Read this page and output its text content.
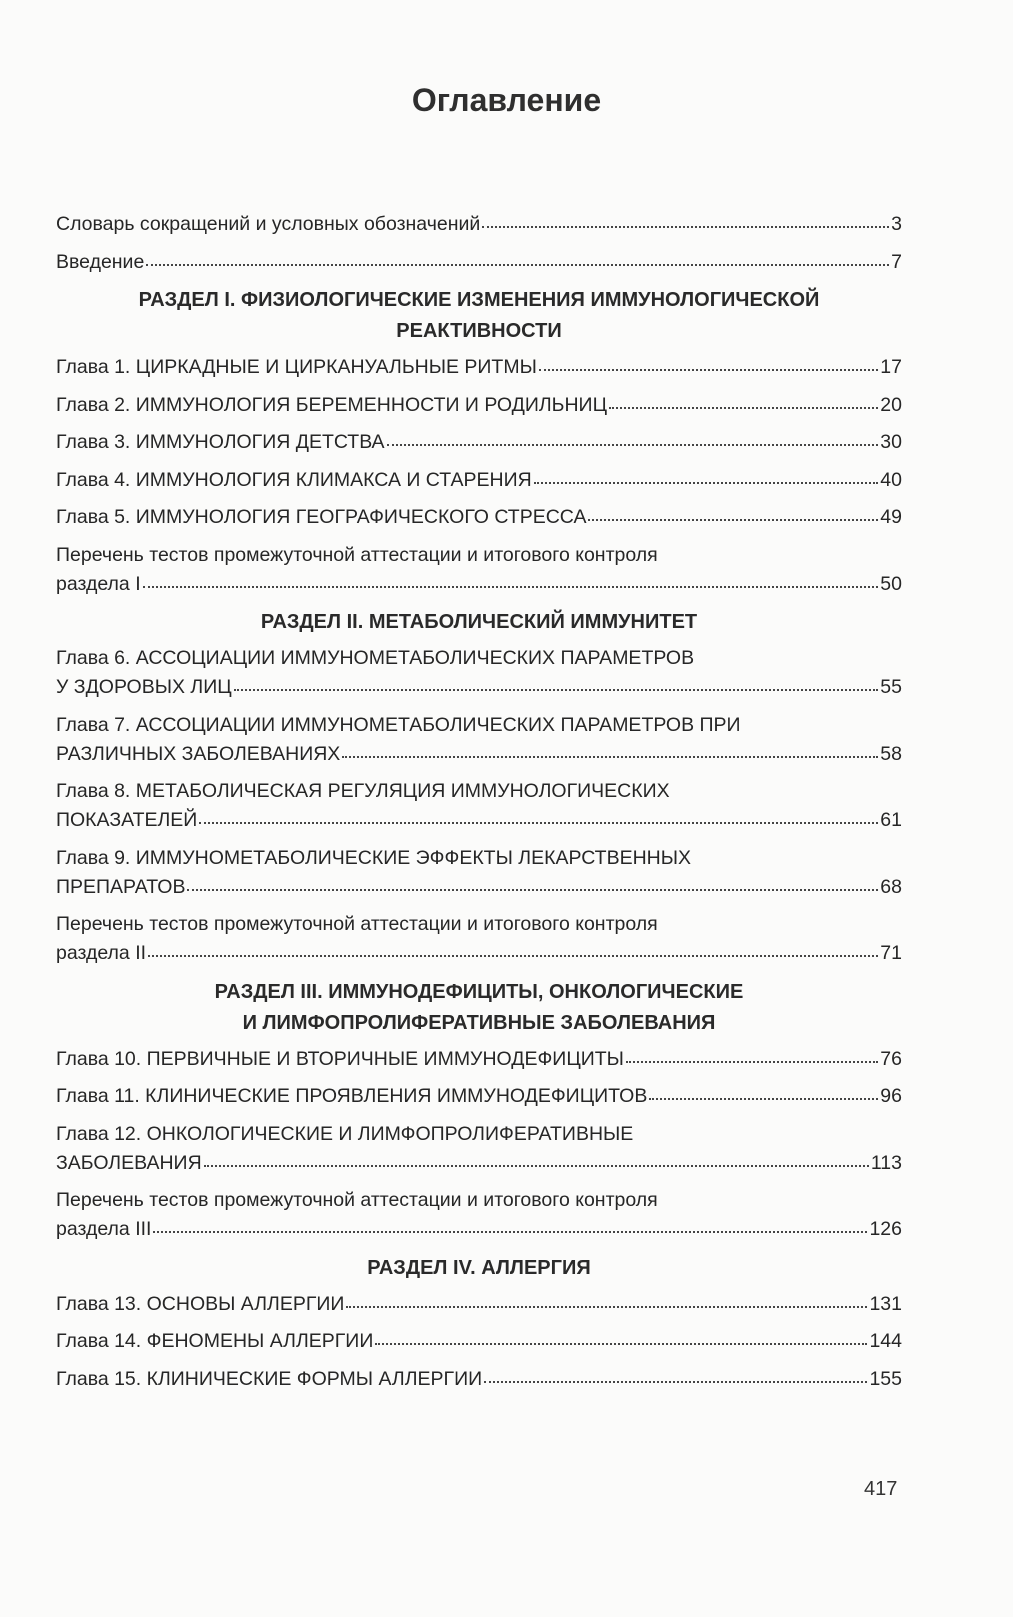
Оглавление
Словарь сокращений и условных обозначений	3
Введение	7
РАЗДЕЛ I. ФИЗИОЛОГИЧЕСКИЕ ИЗМЕНЕНИЯ ИММУНОЛОГИЧЕСКОЙ
РЕАКТИВНОСТИ
Глава 1. ЦИРКАДНЫЕ И ЦИРКАНУАЛЬНЫЕ РИТМЫ	17
Глава 2. ИММУНОЛОГИЯ БЕРЕМЕННОСТИ И РОДИЛЬНИЦ	20
Глава 3. ИММУНОЛОГИЯ ДЕТСТВА	30
Глава 4. ИММУНОЛОГИЯ КЛИМАКСА И СТАРЕНИЯ	40
Глава 5. ИММУНОЛОГИЯ ГЕОГРАФИЧЕСКОГО СТРЕССА	49
Перечень тестов промежуточной аттестации и итогового контроля
раздела I	50
РАЗДЕЛ II. МЕТАБОЛИЧЕСКИЙ ИММУНИТЕТ
Глава 6. АССОЦИАЦИИ ИММУНОМЕТАБОЛИЧЕСКИХ ПАРАМЕТРОВ
У ЗДОРОВЫХ ЛИЦ	55
Глава 7. АССОЦИАЦИИ ИММУНОМЕТАБОЛИЧЕСКИХ ПАРАМЕТРОВ ПРИ
РАЗЛИЧНЫХ ЗАБОЛЕВАНИЯХ	58
Глава 8. МЕТАБОЛИЧЕСКАЯ РЕГУЛЯЦИЯ ИММУНОЛОГИЧЕСКИХ
ПОКАЗАТЕЛЕЙ	61
Глава 9. ИММУНОМЕТАБОЛИЧЕСКИЕ ЭФФЕКТЫ ЛЕКАРСТВЕННЫХ
ПРЕПАРАТОВ	68
Перечень тестов промежуточной аттестации и итогового контроля
раздела II	71
РАЗДЕЛ III. ИММУНОДЕФИЦИТЫ, ОНКОЛОГИЧЕСКИЕ
И ЛИМФОПРОЛИФЕРАТИВНЫЕ ЗАБОЛЕВАНИЯ
Глава 10. ПЕРВИЧНЫЕ И ВТОРИЧНЫЕ ИММУНОДЕФИЦИТЫ	76
Глава 11. КЛИНИЧЕСКИЕ ПРОЯВЛЕНИЯ ИММУНОДЕФИЦИТОВ	96
Глава 12. ОНКОЛОГИЧЕСКИЕ И ЛИМФОПРОЛИФЕРАТИВНЫЕ
ЗАБОЛЕВАНИЯ	113
Перечень тестов промежуточной аттестации и итогового контроля
раздела III	126
РАЗДЕЛ IV. АЛЛЕРГИЯ
Глава 13. ОСНОВЫ АЛЛЕРГИИ	131
Глава 14. ФЕНОМЕНЫ АЛЛЕРГИИ	144
Глава 15. КЛИНИЧЕСКИЕ ФОРМЫ АЛЛЕРГИИ	155
417
